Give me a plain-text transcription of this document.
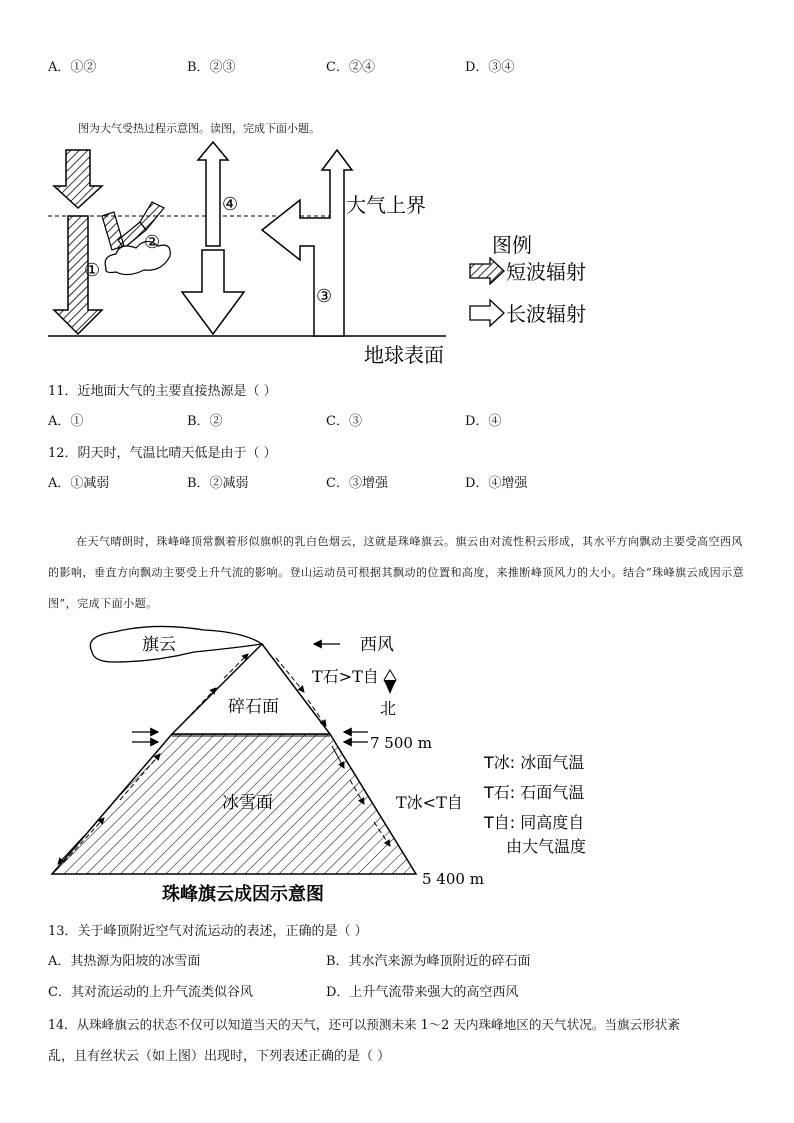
A．①②	B．②③	C．②④	D．③④
图为大气受热过程示意图。读图，完成下面小题。
①
②
③
④	大气上界
地球表面
图例
短波辐射
长波辐射
11．近地面大气的主要直接热源是（ ）
A．①	B．②	C．③	D．④
12．阴天时，气温比晴天低是由于（ ）
A．①减弱	B．②减弱	C．③增强	D．④增强
在天气晴朗时，珠峰峰顶常飘着形似旗帜的乳白色烟云，这就是珠峰旗云。旗云由对流性积云形成，其水平方向飘动主要受高空西风的影响，垂直方向飘动主要受上升气流的影响。登山运动员可根据其飘动的位置和高度，来推断峰顶风力的大小。结合“珠峰旗云成因示意图”，完成下面小题。
旗云	西风
T石>T自
北
碎石面
7 500 m
冰雪面	T冰<T自
5 400 m
珠峰旗云成因示意图
T冰: 冰面气温
T石: 石面气温
T自: 同高度自
由大气温度
13．关于峰顶附近空气对流运动的表述，正确的是（ ）
A．其热源为阳坡的冰雪面	B．其水汽来源为峰顶附近的碎石面
C．其对流运动的上升气流类似谷风	D．上升气流带来强大的高空西风
14．从珠峰旗云的状态不仅可以知道当天的天气，还可以预测未来 1～2 天内珠峰地区的天气状况。当旗云形状紊
乱，且有丝状云（如上图）出现时，下列表述正确的是（ ）
